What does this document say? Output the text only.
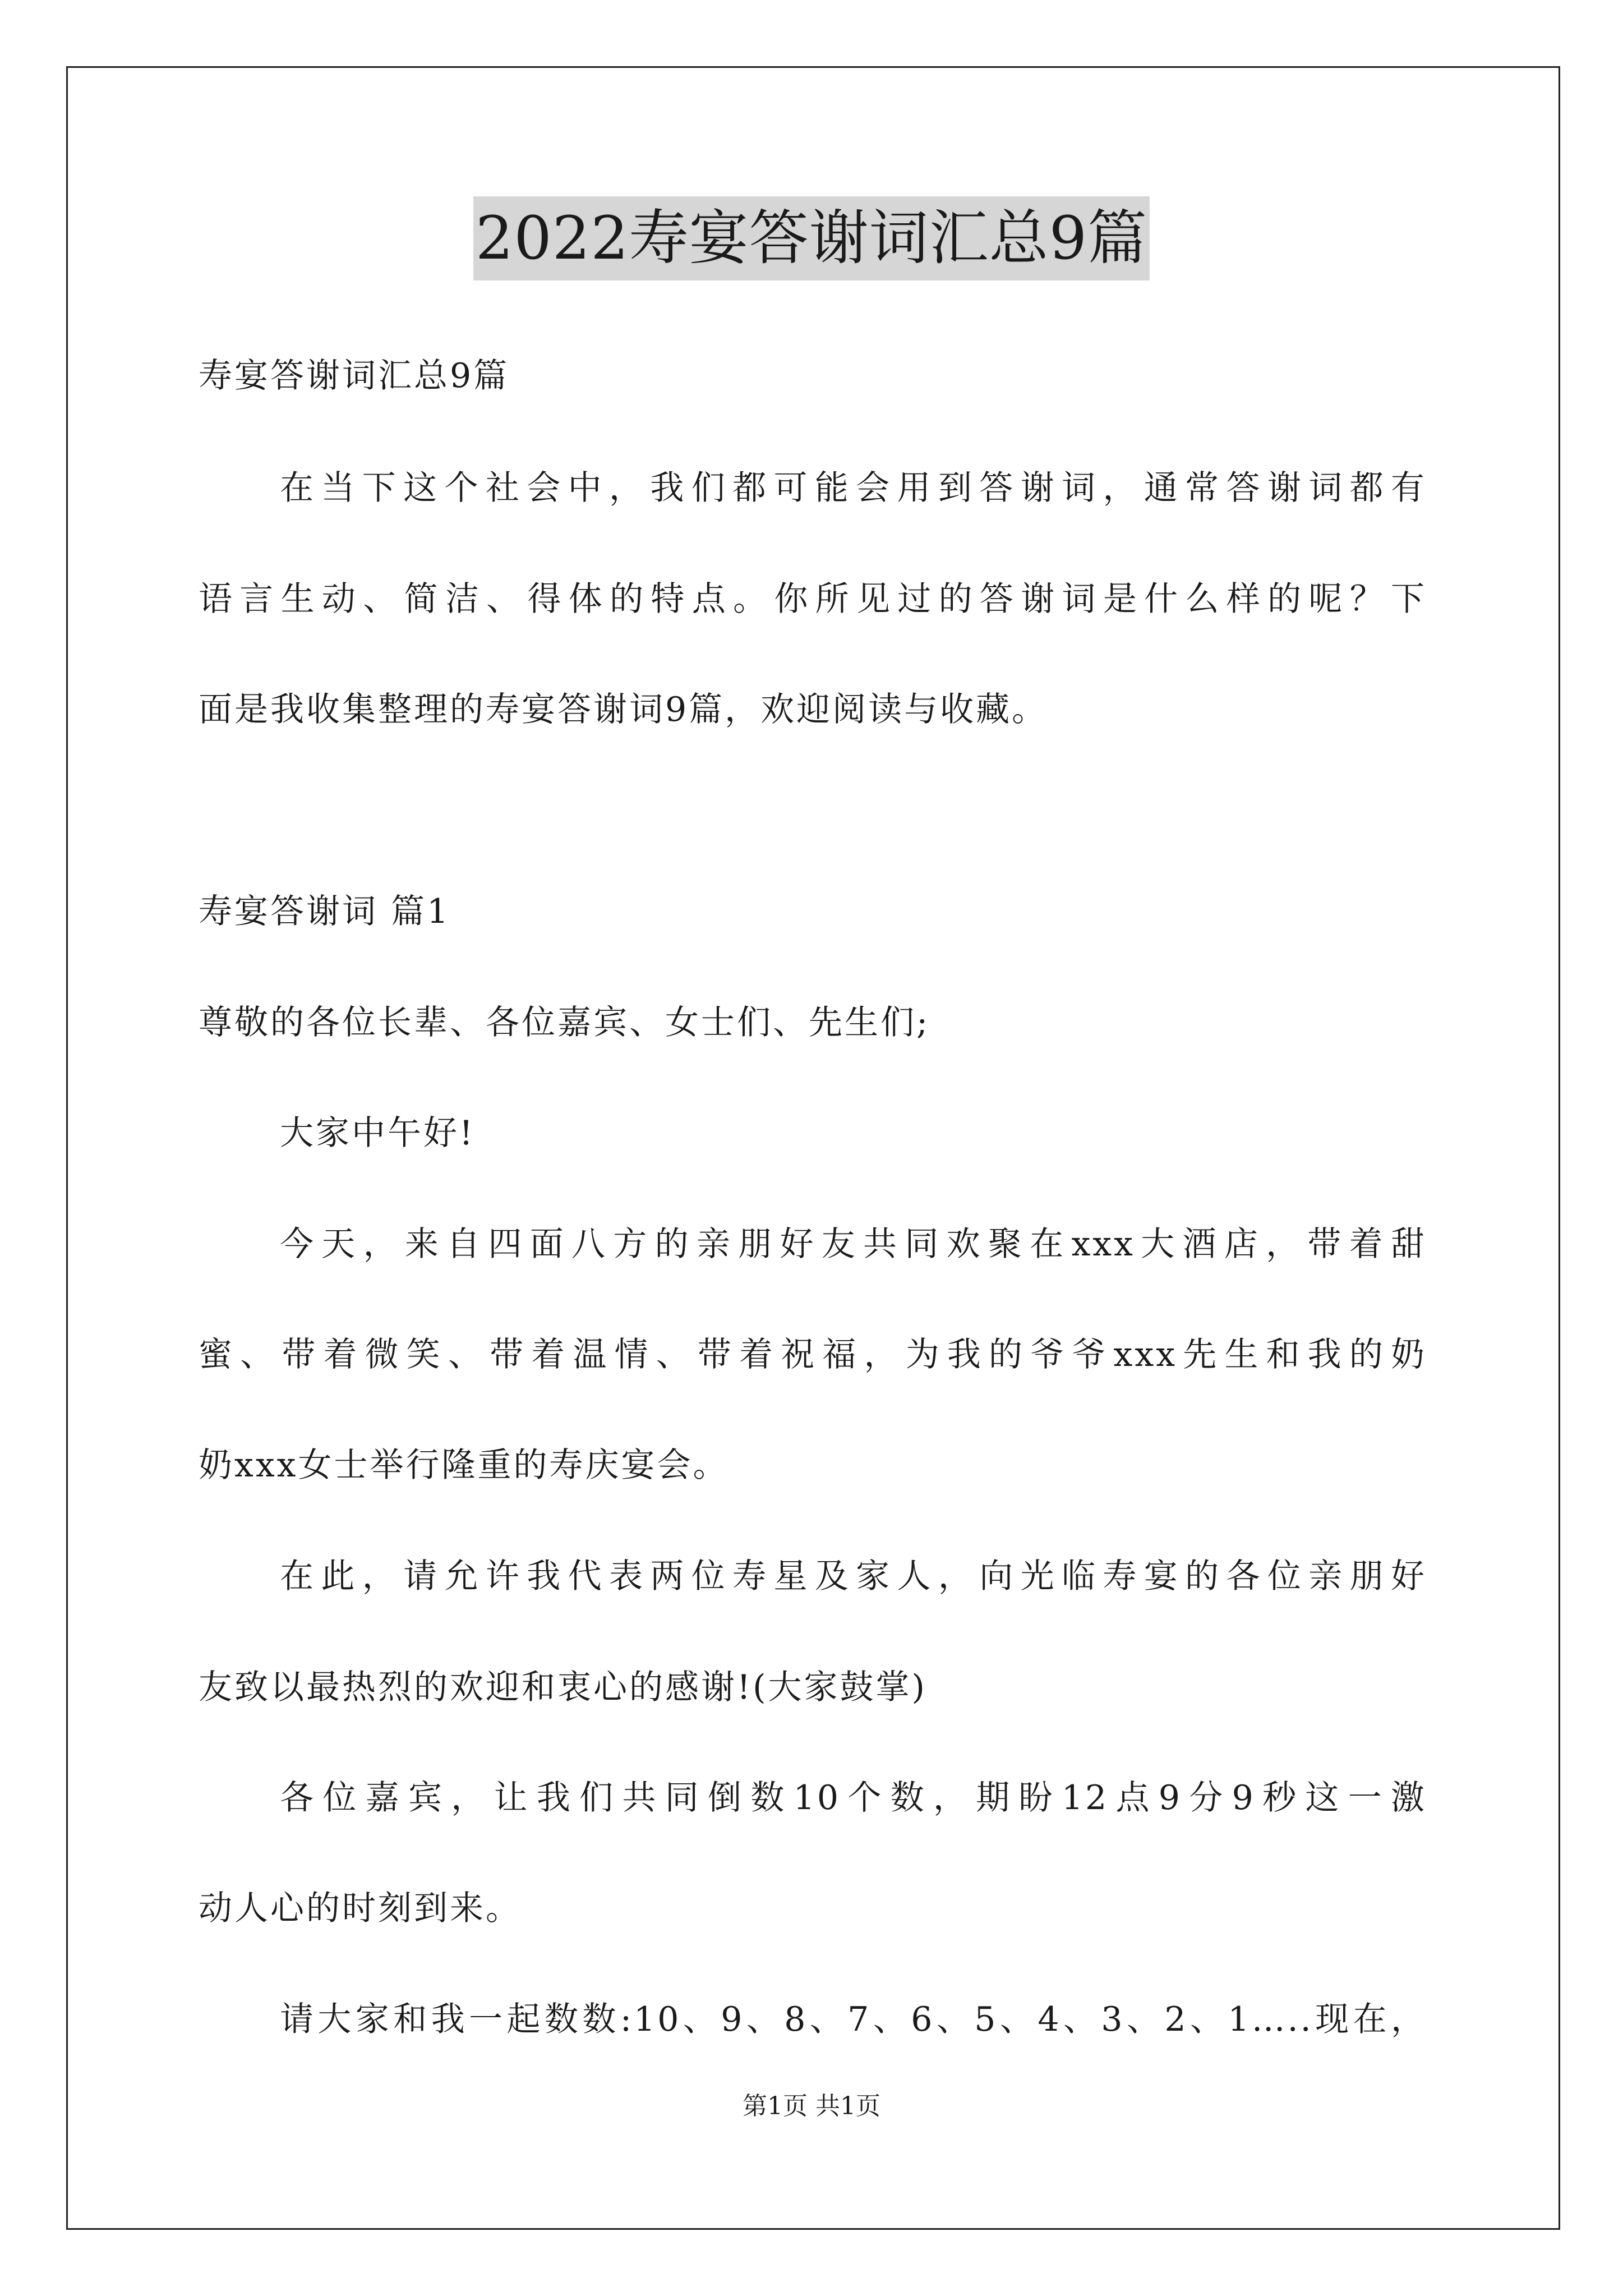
2022寿宴答谢词汇总9篇
寿宴答谢词汇总9篇
在当下这个社会中，我们都可能会用到答谢词，通常答谢词都有
语言生动、简洁、得体的特点。你所见过的答谢词是什么样的呢？下
面是我收集整理的寿宴答谢词9篇，欢迎阅读与收藏。
寿宴答谢词 篇1
尊敬的各位长辈、各位嘉宾、女士们、先生们;
大家中午好!
今天，来自四面八方的亲朋好友共同欢聚在xxx大酒店，带着甜
蜜、带着微笑、带着温情、带着祝福，为我的爷爷xxx先生和我的奶
奶xxx女士举行隆重的寿庆宴会。
在此，请允许我代表两位寿星及家人，向光临寿宴的各位亲朋好
友致以最热烈的欢迎和衷心的感谢!(大家鼓掌)
各位嘉宾，让我们共同倒数10个数，期盼12点9分9秒这一激
动人心的时刻到来。
请大家和我一起数数:10、9、8、7、6、5、4、3、2、1…..现在，
第1页 共1页
